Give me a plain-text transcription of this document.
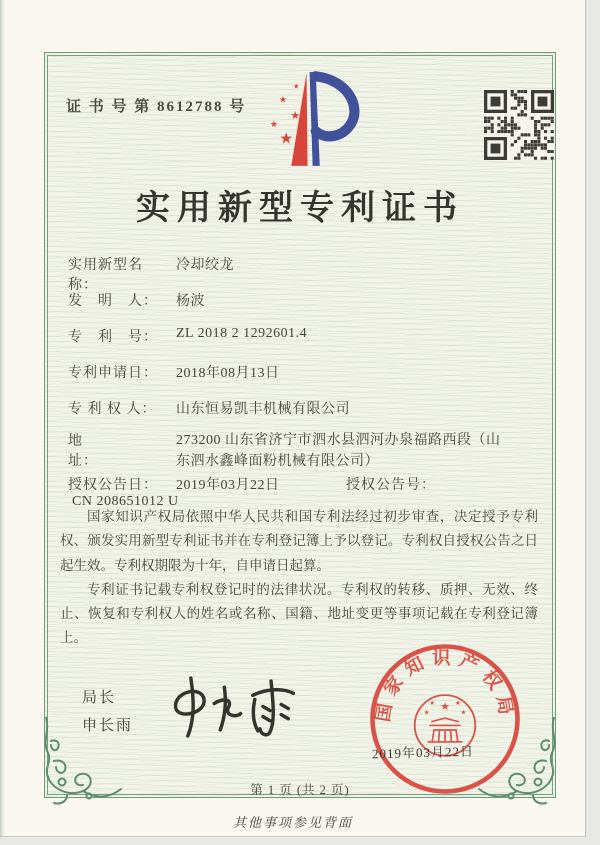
证 书 号 第 8612788 号
★
★
★
★
★
实用新型专利证书
实用新型名称：冷却绞龙
发　明　人： 杨波
专　利　号： ZL 2018 2 1292601.4
专利申请日： 2018年08月13日
专 利 权 人： 山东恒易凯丰机械有限公司
地　　　　址：273200 山东省济宁市泗水县泗河办泉福路西段（山东泗水鑫峰面粉机械有限公司）
授权公告日： 2019年03月22日	授权公告号：CN 208651012 U

国家知识产权局依照中华人民共和国专利法经过初步审查，决定授予专利权、颁发实用新型专利证书并在专利登记簿上予以登记。专利权自授权公告之日起生效。专利权期限为十年，自申请日起算。

专利证书记载专利权登记时的法律状况。专利权的转移、质押、无效、终止、恢复和专利权人的姓名或名称、国籍、地址变更等事项记载在专利登记簿上。

局长
申长雨
国家知识产权局
★
★	★
★	★
2019年03月22日
第 1 页 (共 2 页)
其他事项参见背面
